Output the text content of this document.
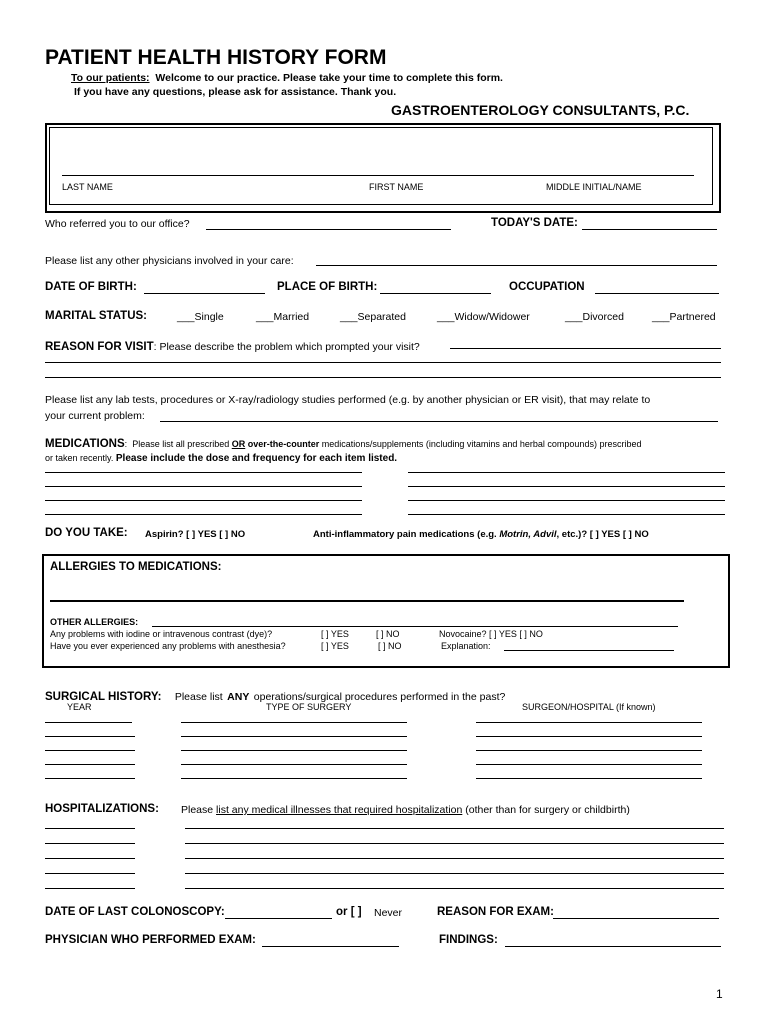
PATIENT HEALTH HISTORY FORM
To our patients: Welcome to our practice. Please take your time to complete this form.
If you have any questions, please ask for assistance. Thank you.
GASTROENTEROLOGY CONSULTANTS, P.C.
LAST NAME	FIRST NAME	MIDDLE INITIAL/NAME
Who referred you to our office?	TODAY'S DATE:
Please list any other physicians involved in your care:
DATE OF BIRTH:	PLACE OF BIRTH:	OCCUPATION
MARITAL STATUS:	___Single	___Married	___Separated	___Widow/Widower	___Divorced	___Partnered
REASON FOR VISIT: Please describe the problem which prompted your visit?
Please list any lab tests, procedures or X-ray/radiology studies performed (e.g. by another physician or ER visit), that may relate to
your current problem:
MEDICATIONS: Please list all prescribed OR over-the-counter medications/supplements (including vitamins and herbal compounds) prescribed
or taken recently. Please include the dose and frequency for each item listed.
DO YOU TAKE: Aspirin? [ ] YES [ ] NO	Anti-inflammatory pain medications (e.g. Motrin, Advil, etc.)? [ ] YES [ ] NO
ALLERGIES TO MEDICATIONS:
OTHER ALLERGIES:
Any problems with iodine or intravenous contrast (dye)?	[ ] YES	[ ] NO	Novocaine? [ ] YES [ ] NO
Have you ever experienced any problems with anesthesia?	[ ] YES	[ ] NO	Explanation:
SURGICAL HISTORY: Please list ANY operations/surgical procedures performed in the past?
YEAR	TYPE OF SURGERY	SURGEON/HOSPITAL (If known)
HOSPITALIZATIONS: Please list any medical illnesses that required hospitalization (other than for surgery or childbirth)
DATE OF LAST COLONOSCOPY:	or [ ] Never	REASON FOR EXAM:
PHYSICIAN WHO PERFORMED EXAM:	FINDINGS:
1
